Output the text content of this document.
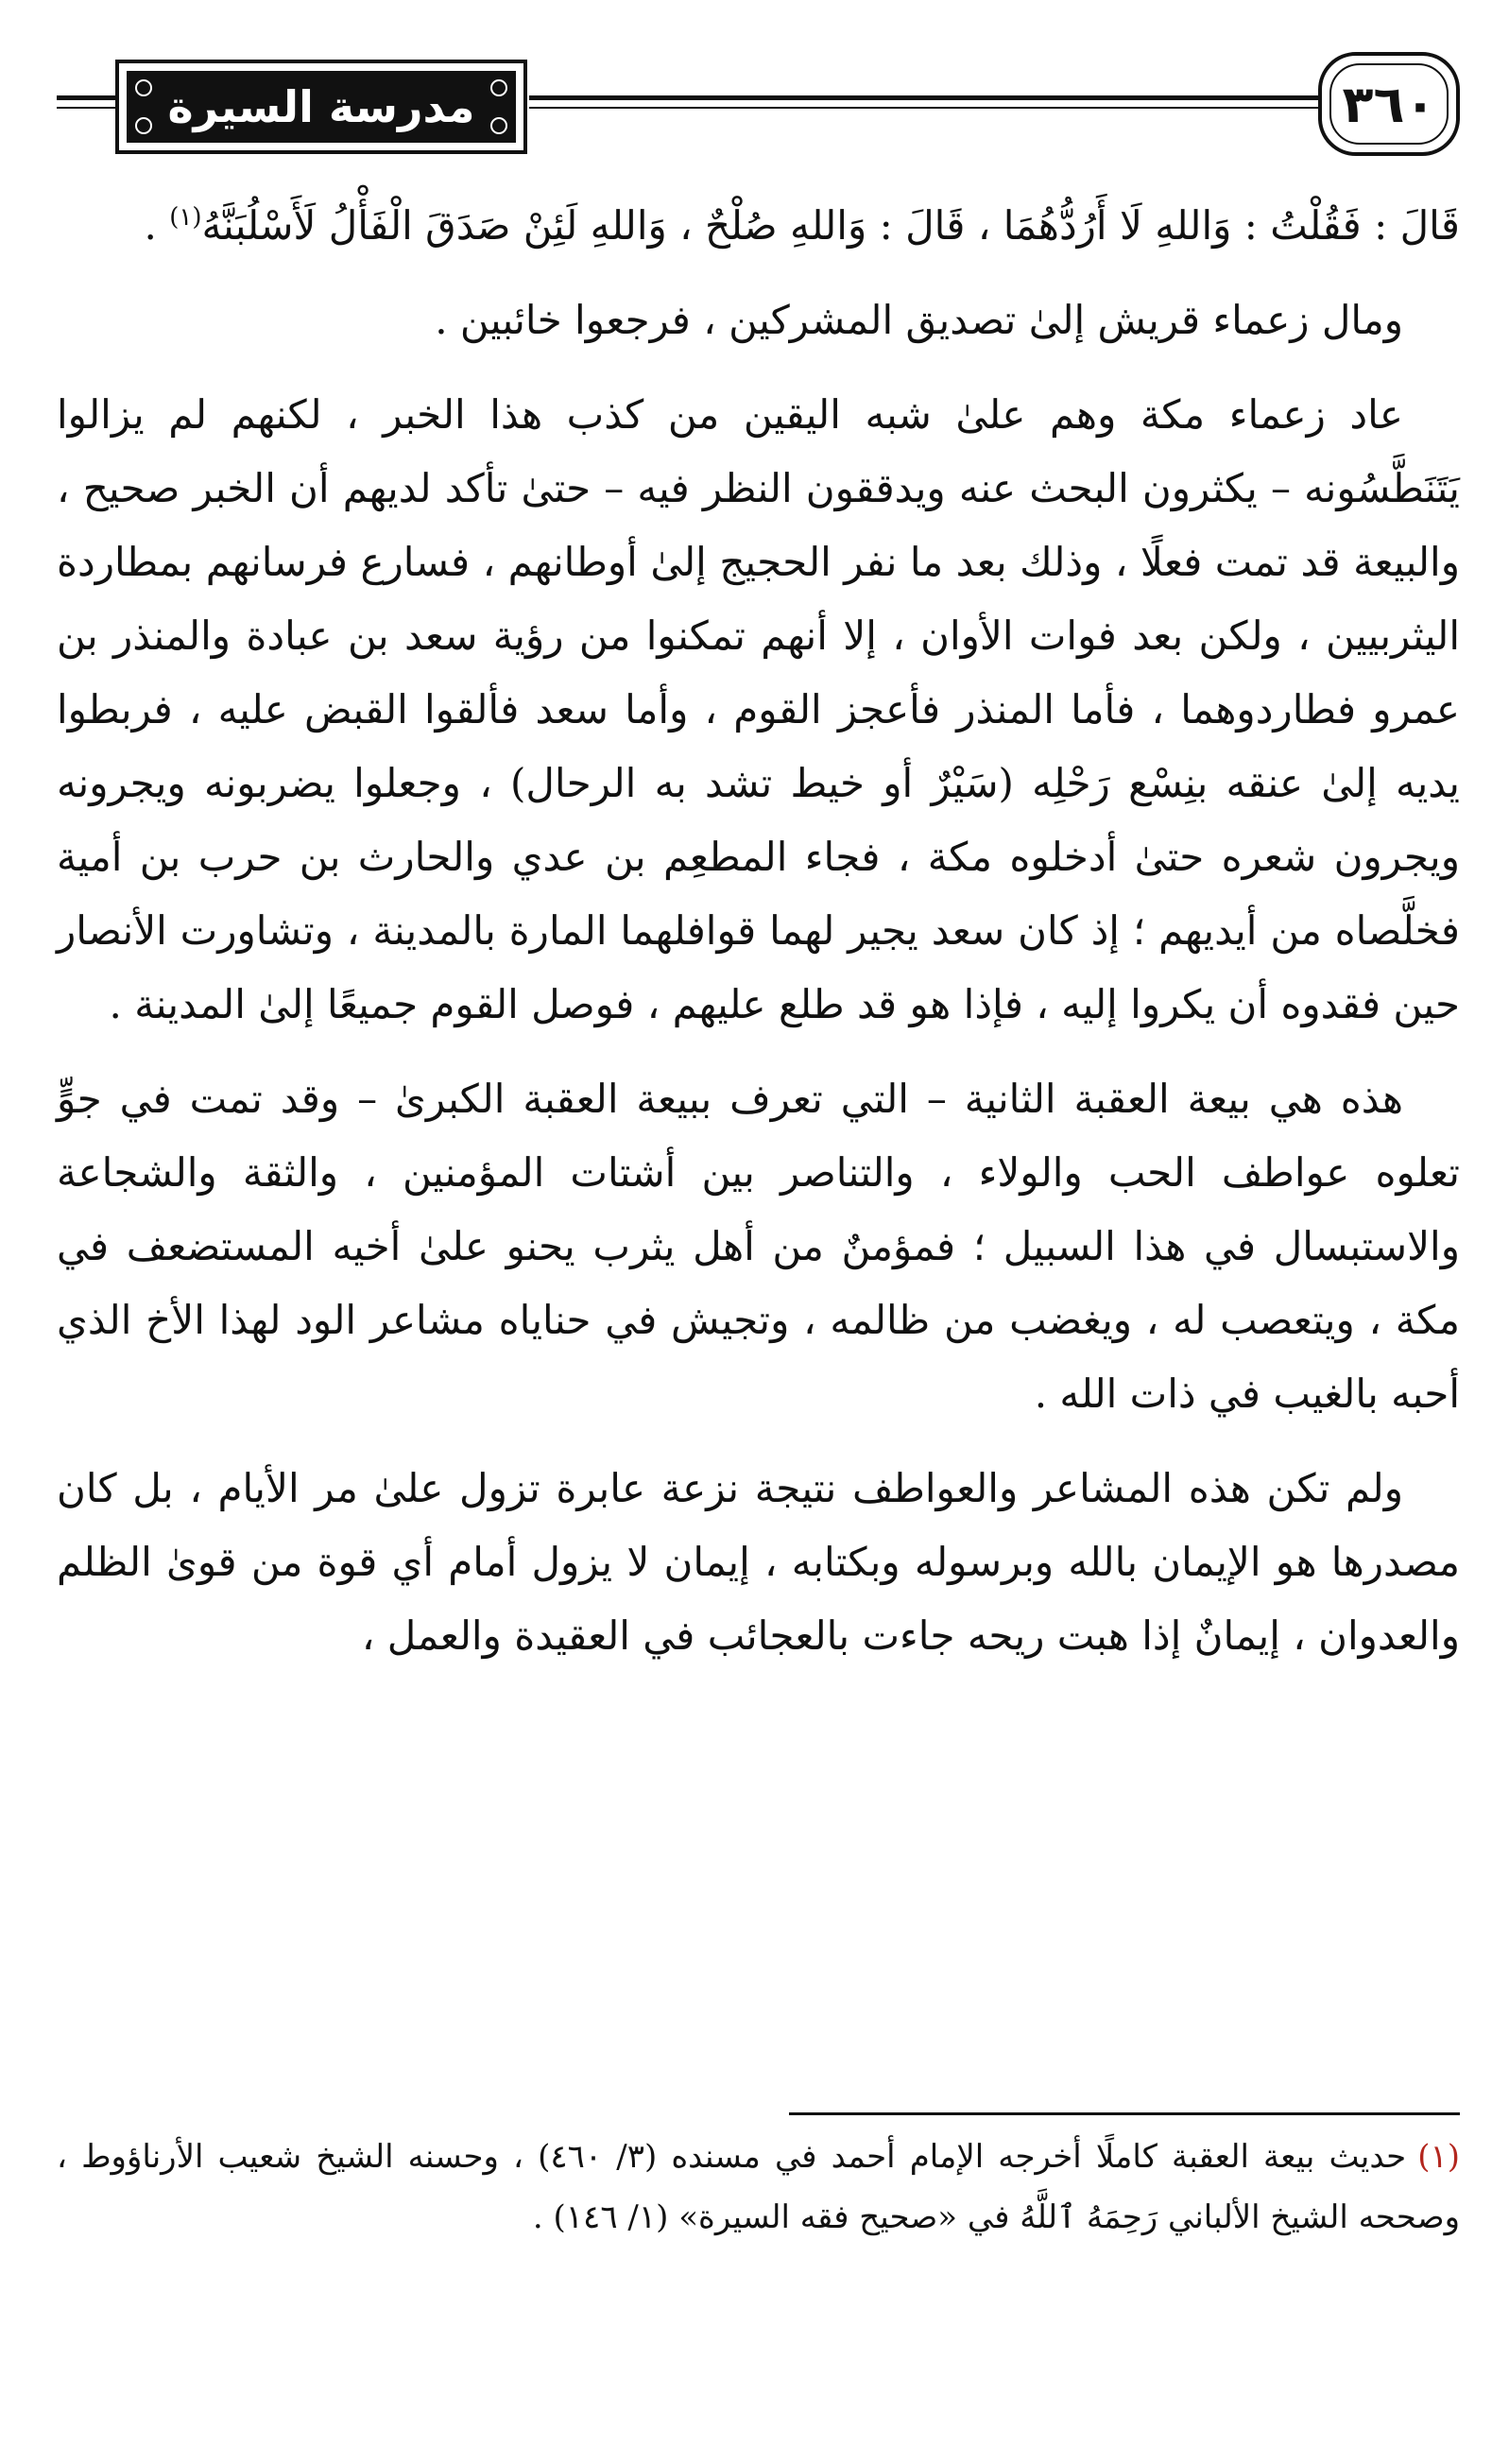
مدرسة السيرة	٣٦٠

قَالَ : فَقُلْتُ : وَاللهِ لَا أَرُدُّهُمَا ، قَالَ : وَاللهِ صُلْحٌ ، وَاللهِ لَئِنْ صَدَقَ الْفَأْلُ لَأَسْلُبَنَّهُ$^{(١)}$ .

ومال زعماء قريش إلىٰ تصديق المشركين ، فرجعوا خائبين .

عاد زعماء مكة وهم علىٰ شبه اليقين من كذب هذا الخبر ، لكنهم لم يزالوا يَتَنَطَّسُونه – يكثرون البحث عنه ويدققون النظر فيه – حتىٰ تأكد لديهم أن الخبر صحيح ، والبيعة قد تمت فعلًا ، وذلك بعد ما نفر الحجيج إلىٰ أوطانهم ، فسارع فرسانهم بمطاردة اليثربيين ، ولكن بعد فوات الأوان ، إلا أنهم تمكنوا من رؤية سعد بن عبادة والمنذر بن عمرو فطاردوهما ، فأما المنذر فأعجز القوم ، وأما سعد فألقوا القبض عليه ، فربطوا يديه إلىٰ عنقه بنِسْع رَحْلِه (سَيْرٌ أو خيط تشد به الرحال) ، وجعلوا يضربونه ويجرونه ويجرون شعره حتىٰ أدخلوه مكة ، فجاء المطعِم بن عدي والحارث بن حرب بن أمية فخلَّصاه من أيديهم ؛ إذ كان سعد يجير لهما قوافلهما المارة بالمدينة ، وتشاورت الأنصار حين فقدوه أن يكروا إليه ، فإذا هو قد طلع عليهم ، فوصل القوم جميعًا إلىٰ المدينة .

هذه هي بيعة العقبة الثانية – التي تعرف ببيعة العقبة الكبرىٰ – وقد تمت في جوٍّ تعلوه عواطف الحب والولاء ، والتناصر بين أشتات المؤمنين ، والثقة والشجاعة والاستبسال في هذا السبيل ؛ فمؤمنٌ من أهل يثرب يحنو علىٰ أخيه المستضعف في مكة ، ويتعصب له ، ويغضب من ظالمه ، وتجيش في حناياه مشاعر الود لهذا الأخ الذي أحبه بالغيب في ذات الله .

ولم تكن هذه المشاعر والعواطف نتيجة نزعة عابرة تزول علىٰ مر الأيام ، بل كان مصدرها هو الإيمان بالله وبرسوله وبكتابه ، إيمان لا يزول أمام أي قوة من قوىٰ الظلم والعدوان ، إيمانٌ إذا هبت ريحه جاءت بالعجائب في العقيدة والعمل ،

(١)حديث بيعة العقبة كاملًا أخرجه الإمام أحمد في مسنده (٣/ ٤٦٠) ، وحسنه الشيخ شعيب الأرناؤوط ، وصححه الشيخ الألباني رَحِمَهُ ٱللَّهُ في «صحيح فقه السيرة» (١/ ١٤٦) .
